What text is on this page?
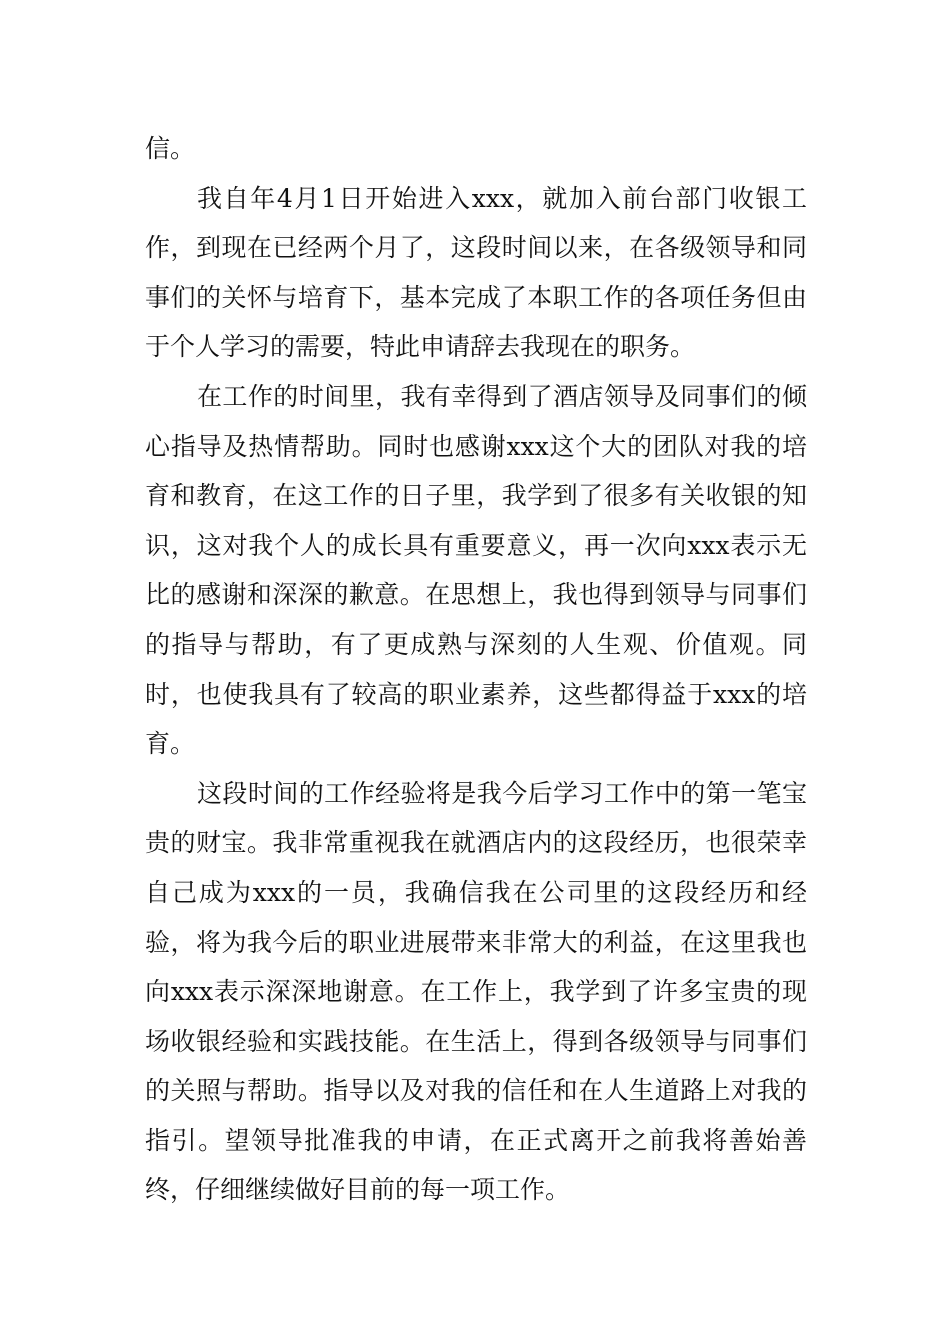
信。

我自年4月1日开始进入xxx，就加入前台部门收银工作，到现在已经两个月了，这段时间以来，在各级领导和同事们的关怀与培育下，基本完成了本职工作的各项任务但由于个人学习的需要，特此申请辞去我现在的职务。

在工作的时间里，我有幸得到了酒店领导及同事们的倾心指导及热情帮助。同时也感谢xxx这个大的团队对我的培育和教育，在这工作的日子里，我学到了很多有关收银的知识，这对我个人的成长具有重要意义，再一次向xxx表示无比的感谢和深深的歉意。在思想上，我也得到领导与同事们的指导与帮助，有了更成熟与深刻的人生观、价值观。同时，也使我具有了较高的职业素养，这些都得益于xxx的培育。

这段时间的工作经验将是我今后学习工作中的第一笔宝贵的财宝。我非常重视我在就酒店内的这段经历，也很荣幸自己成为xxx的一员，我确信我在公司里的这段经历和经验，将为我今后的职业进展带来非常大的利益，在这里我也向xxx表示深深地谢意。在工作上，我学到了许多宝贵的现场收银经验和实践技能。在生活上，得到各级领导与同事们的关照与帮助。指导以及对我的信任和在人生道路上对我的指引。望领导批准我的申请，在正式离开之前我将善始善终，仔细继续做好目前的每一项工作。
